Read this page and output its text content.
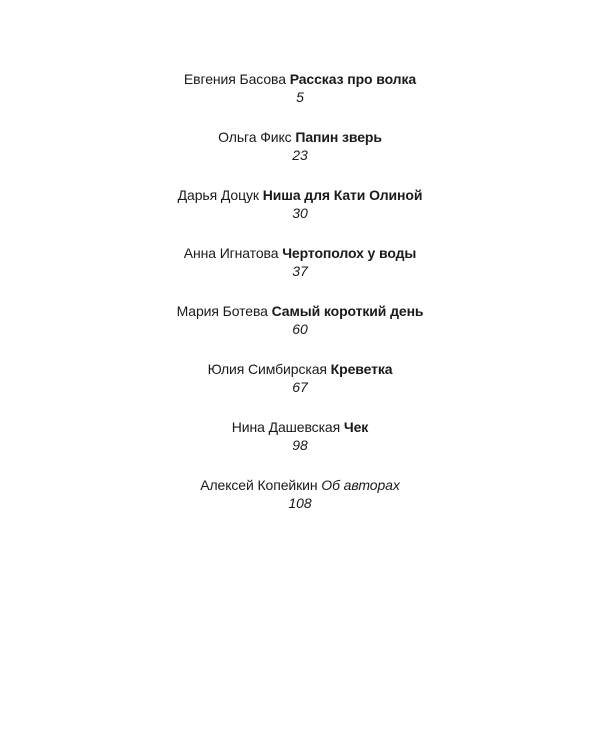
Евгения Басова Рассказ про волка
5
Ольга Фикс Папин зверь
23
Дарья Доцук Ниша для Кати Олиной
30
Анна Игнатова Чертополох у воды
37
Мария Ботева Самый короткий день
60
Юлия Симбирская Креветка
67
Нина Дашевская Чек
98
Алексей Копейкин Об авторах
108
